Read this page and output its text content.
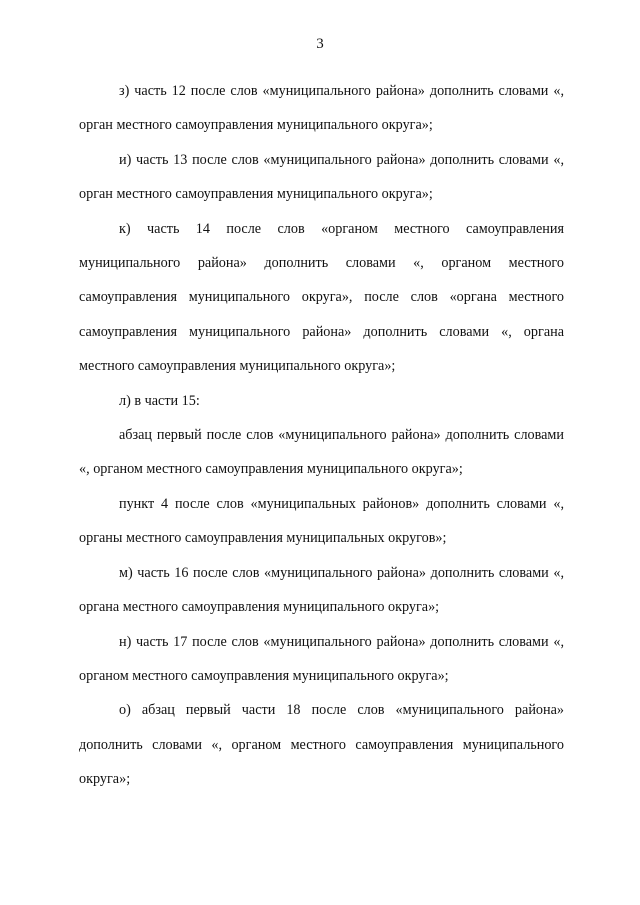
3

з) часть 12 после слов «муниципального района» дополнить словами «, орган местного самоуправления муниципального округа»;

и) часть 13 после слов «муниципального района» дополнить словами «, орган местного самоуправления муниципального округа»;

к) часть 14 после слов «органом местного самоуправления муниципального района» дополнить словами «, органом местного самоуправления муниципального округа», после слов «органа местного самоуправления муниципального района» дополнить словами «, органа местного самоуправления муниципального округа»;

л) в части 15:

абзац первый после слов «муниципального района» дополнить словами «, органом местного самоуправления муниципального округа»;

пункт 4 после слов «муниципальных районов» дополнить словами «, органы местного самоуправления муниципальных округов»;

м) часть 16 после слов «муниципального района» дополнить словами «, органа местного самоуправления муниципального округа»;

н) часть 17 после слов «муниципального района» дополнить словами «, органом местного самоуправления муниципального округа»;

о) абзац первый части 18 после слов «муниципального района» дополнить словами «, органом местного самоуправления муниципального округа»;
